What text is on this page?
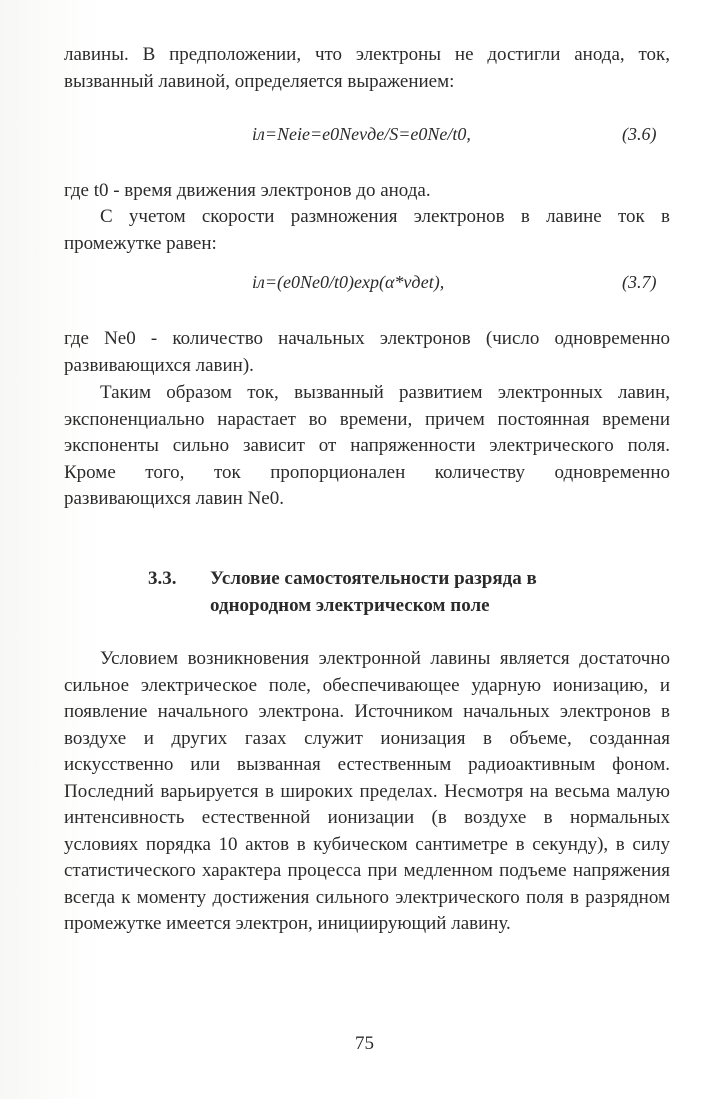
лавины. В предположении, что электроны не достигли анода, ток, вызванный лавиной, определяется выражением:

iл=Neie=e0Nevдe/S=e0Ne/t0,	(3.6)

где t0 - время движения электронов до анода.

С учетом скорости размножения электронов в лавине ток в промежутке равен:

iл=(e0Ne0/t0)exp(α*vдеt),	(3.7)

где Ne0 - количество начальных электронов (число одновременно развивающихся лавин).

Таким образом ток, вызванный развитием электронных лавин, экспоненциально нарастает во времени, причем постоянная времени экспоненты сильно зависит от напряженности электрического поля. Кроме того, ток пропорционален количеству одновременно развивающихся лавин Ne0.

3.3. Условие самостоятельности разряда в
однородном электрическом поле

Условием возникновения электронной лавины является достаточно сильное электрическое поле, обеспечивающее ударную ионизацию, и появление начального электрона. Источником начальных электронов в воздухе и других газах служит ионизация в объеме, созданная искусственно или вызванная естественным радиоактивным фоном. Последний варьируется в широких пределах. Несмотря на весьма малую интенсивность естественной ионизации (в воздухе в нормальных условиях порядка 10 актов в кубическом сантиметре в секунду), в силу статистического характера процесса при медленном подъеме напряжения всегда к моменту достижения сильного электрического поля в разрядном промежутке имеется электрон, инициирующий лавину.

75
